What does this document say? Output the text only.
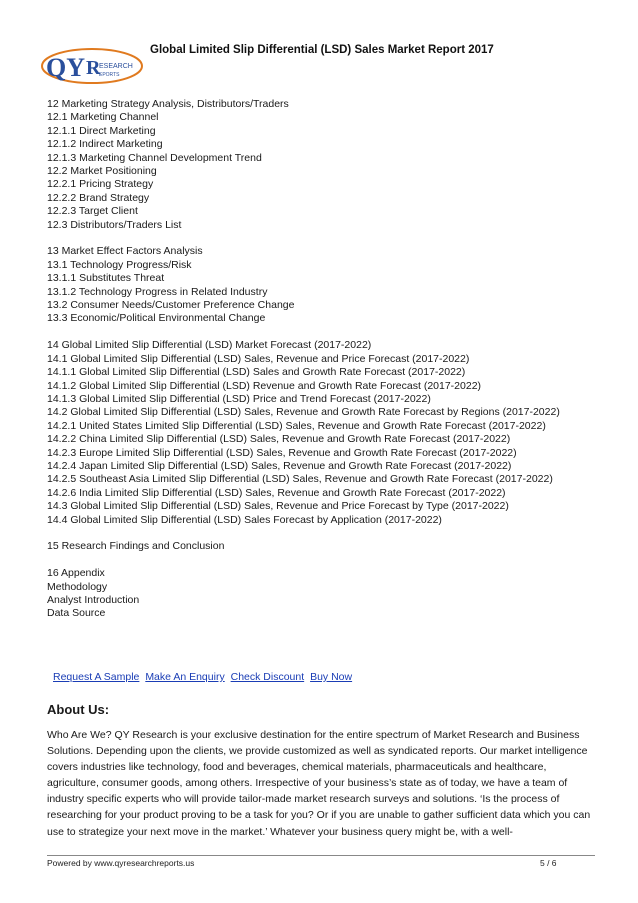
QY R
ESEARCH
EPORTS
Global Limited Slip Differential (LSD) Sales Market Report 2017
12 Marketing Strategy Analysis, Distributors/Traders
12.1 Marketing Channel
12.1.1 Direct Marketing
12.1.2 Indirect Marketing
12.1.3 Marketing Channel Development Trend
12.2 Market Positioning
12.2.1 Pricing Strategy
12.2.2 Brand Strategy
12.2.3 Target Client
12.3 Distributors/Traders List
13 Market Effect Factors Analysis
13.1 Technology Progress/Risk
13.1.1 Substitutes Threat
13.1.2 Technology Progress in Related Industry
13.2 Consumer Needs/Customer Preference Change
13.3 Economic/Political Environmental Change
14 Global Limited Slip Differential (LSD) Market Forecast (2017-2022)
14.1 Global Limited Slip Differential (LSD) Sales, Revenue and Price Forecast (2017-2022)
14.1.1 Global Limited Slip Differential (LSD) Sales and Growth Rate Forecast (2017-2022)
14.1.2 Global Limited Slip Differential (LSD) Revenue and Growth Rate Forecast (2017-2022)
14.1.3 Global Limited Slip Differential (LSD) Price and Trend Forecast (2017-2022)
14.2 Global Limited Slip Differential (LSD) Sales, Revenue and Growth Rate Forecast by Regions (2017-2022)
14.2.1 United States Limited Slip Differential (LSD) Sales, Revenue and Growth Rate Forecast (2017-2022)
14.2.2 China Limited Slip Differential (LSD) Sales, Revenue and Growth Rate Forecast (2017-2022)
14.2.3 Europe Limited Slip Differential (LSD) Sales, Revenue and Growth Rate Forecast (2017-2022)
14.2.4 Japan Limited Slip Differential (LSD) Sales, Revenue and Growth Rate Forecast (2017-2022)
14.2.5 Southeast Asia Limited Slip Differential (LSD) Sales, Revenue and Growth Rate Forecast (2017-2022)
14.2.6 India Limited Slip Differential (LSD) Sales, Revenue and Growth Rate Forecast (2017-2022)
14.3 Global Limited Slip Differential (LSD) Sales, Revenue and Price Forecast by Type (2017-2022)
14.4 Global Limited Slip Differential (LSD) Sales Forecast by Application (2017-2022)
15 Research Findings and Conclusion
16 Appendix
Methodology
Analyst Introduction
Data Source
Request A Sample Make An Enquiry Check Discount Buy Now
About Us:
Who Are We? QY Research is your exclusive destination for the entire spectrum of Market Research and Business Solutions. Depending upon the clients, we provide customized as well as syndicated reports. Our market intelligence covers industries like technology, food and beverages, chemical materials, pharmaceuticals and healthcare, agriculture, consumer goods, among others. Irrespective of your business’s state as of today, we have a team of industry specific experts who will provide tailor-made market research surveys and solutions. ‘Is the process of researching for your product proving to be a task for you? Or if you are unable to gather sufficient data which you can use to strategize your next move in the market.’ Whatever your business query might be, with a well-
Powered by www.qyresearchreports.us	5 / 6
